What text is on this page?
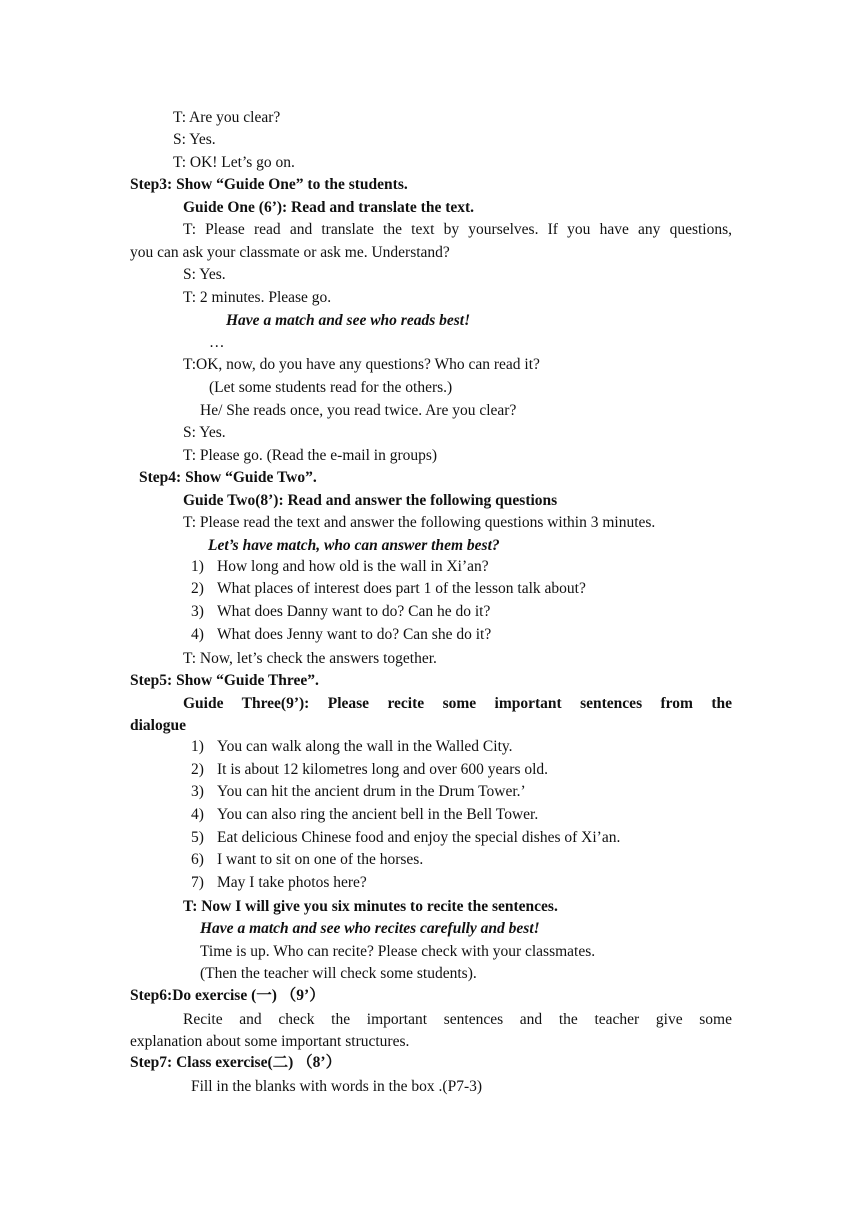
T: Are you clear?
S: Yes.
T: OK! Let’s go on.
Step3: Show “Guide One” to the students.
Guide One (6’): Read and translate the text.
T: Please read and translate the text by yourselves. If you have any questions,
you can ask your classmate or ask me. Understand?
S: Yes.
T: 2 minutes. Please go.
Have a match and see who reads best!
…
T:OK, now, do you have any questions? Who can read it?
(Let some students read for the others.)
He/ She reads once, you read twice. Are you clear?
S: Yes.
T: Please go. (Read the e-mail in groups)
Step4: Show “Guide Two”.
Guide Two(8’): Read and answer the following questions
T: Please read the text and answer the following questions within 3 minutes.
Let’s have match, who can answer them best?
1) How long and how old is the wall in Xi’an?
2) What places of interest does part 1 of the lesson talk about?
3) What does Danny want to do? Can he do it?
4) What does Jenny want to do? Can she do it?
T: Now, let’s check the answers together.
Step5: Show “Guide Three”.
Guide Three(9’): Please recite some important sentences from the
dialogue
1) You can walk along the wall in the Walled City.
2) It is about 12 kilometres long and over 600 years old.
3) You can hit the ancient drum in the Drum Tower.’
4) You can also ring the ancient bell in the Bell Tower.
5) Eat delicious Chinese food and enjoy the special dishes of Xi’an.
6) I want to sit on one of the horses.
7) May I take photos here?
T: Now I will give you six minutes to recite the sentences.
Have a match and see who recites carefully and best!
Time is up. Who can recite? Please check with your classmates.
(Then the teacher will check some students).
Step6:Do exercise (一) （9’）
Recite and check the important sentences and the teacher give some
explanation about some important structures.
Step7: Class exercise(二) （8’）
Fill in the blanks with words in the box .(P7-3)
